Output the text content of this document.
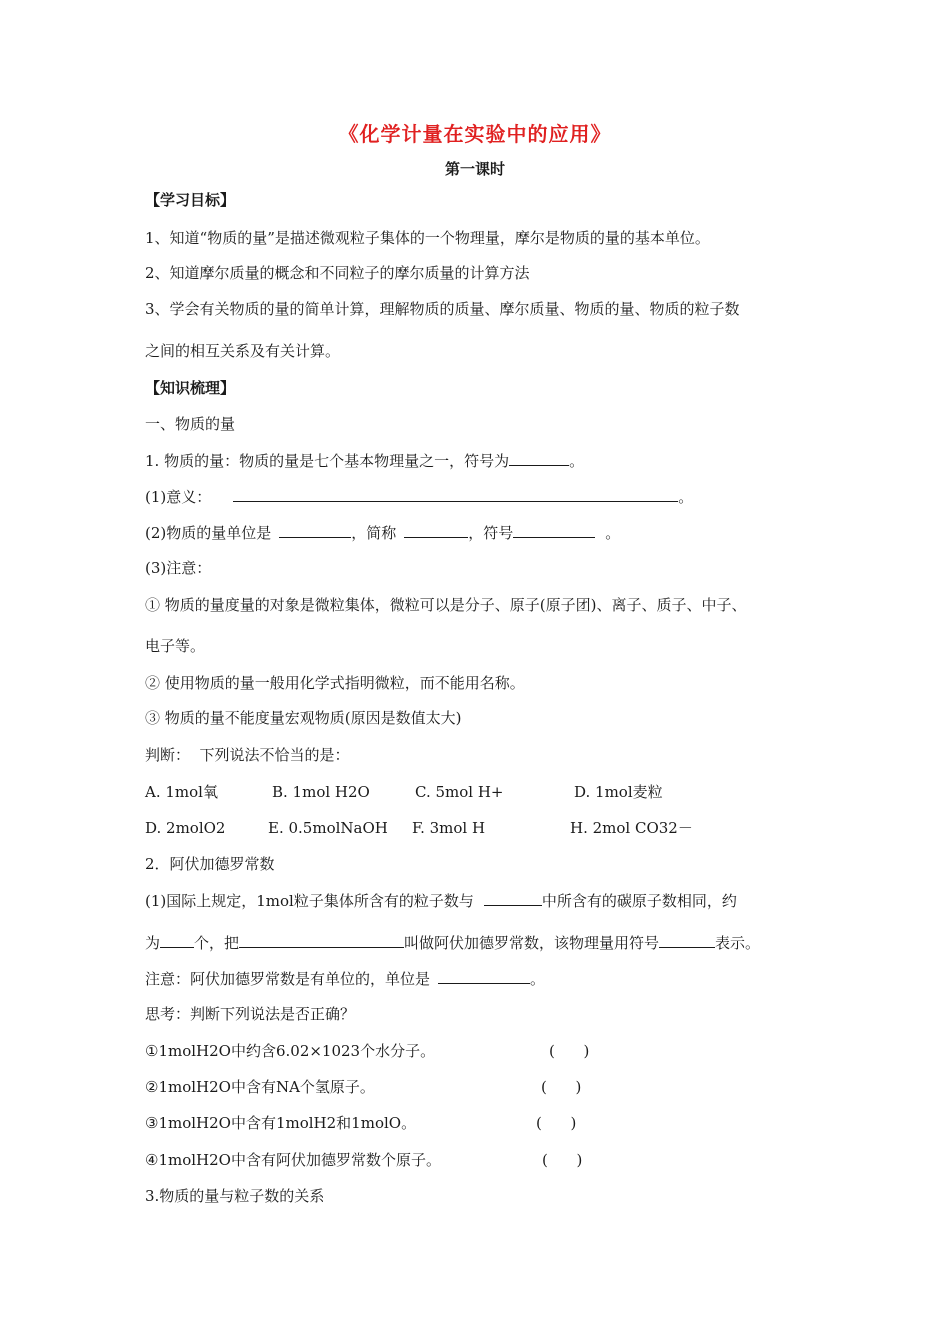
《化学计量在实验中的应用》
第一课时
【学习目标】
1、知道“物质的量”是描述微观粒子集体的一个物理量，摩尔是物质的量的基本单位。
2、知道摩尔质量的概念和不同粒子的摩尔质量的计算方法
3、学会有关物质的量的简单计算，理解物质的质量、摩尔质量、物质的量、物质的粒子数
之间的相互关系及有关计算。
【知识梳理】
一、物质的量
1. 物质的量：物质的量是七个基本物理量之一，符号为	。
(1)意义：	。
(2)物质的量单位是	，简称	，符号	。
(3)注意：
① 物质的量度量的对象是微粒集体，微粒可以是分子、原子(原子团)、离子、质子、中子、
电子等。
② 使用物质的量一般用化学式指明微粒，而不能用名称。
③ 物质的量不能度量宏观物质(原因是数值太大)
判断：  下列说法不恰当的是：
A. 1mol氧	B. 1mol H2O	C. 5mol H+	D. 1mol麦粒
D. 2molO2	E. 0.5molNaOH F. 3mol H	H. 2mol CO32－
2．阿伏加德罗常数
(1)国际上规定，1mol粒子集体所含有的粒子数与	中所含有的碳原子数相同，约
为 个，把	叫做阿伏加德罗常数，该物理量用符号	表示。
注意：阿伏加德罗常数是有单位的，单位是	。
思考：判断下列说法是否正确？
①1molH2O中约含6.02×1023个水分子。	(      )
②1molH2O中含有NA个氢原子。	(      )
③1molH2O中含有1molH2和1molO。	(      )
④1molH2O中含有阿伏加德罗常数个原子。	(      )
3.物质的量与粒子数的关系
